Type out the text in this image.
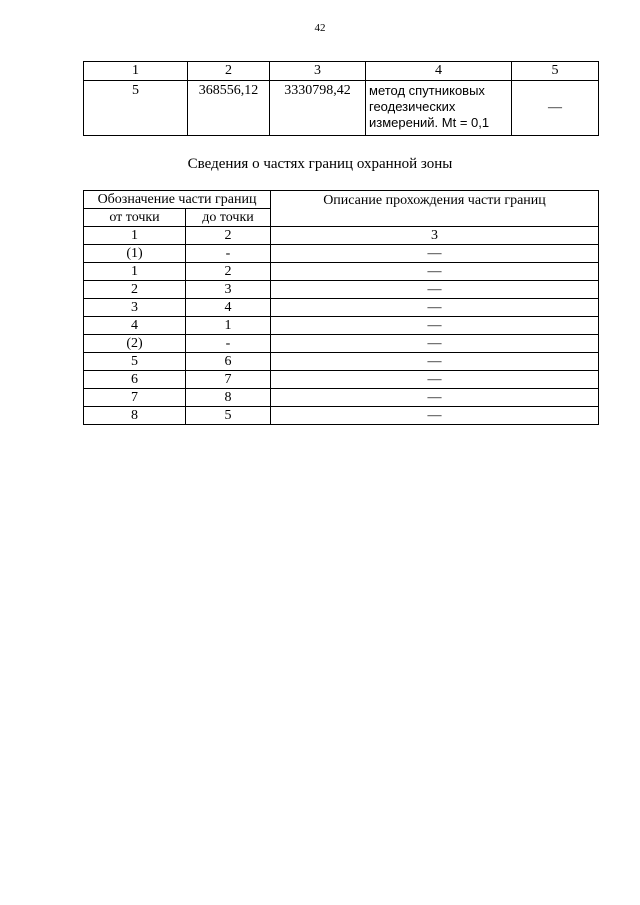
42
1	2	3	4	5
5	368556,12	3330798,42	метод спутниковых
геодезических
измерений. Mt = 0,1	—
Сведения о частях границ охранной зоны
Обозначение части границ		Описание прохождения части границ
от точки	до точки	
1	2	3
(1)	-	—
1	2	—
2	3	—
3	4	—
4	1	—
(2)	-	—
5	6	—
6	7	—
7	8	—
8	5	—
